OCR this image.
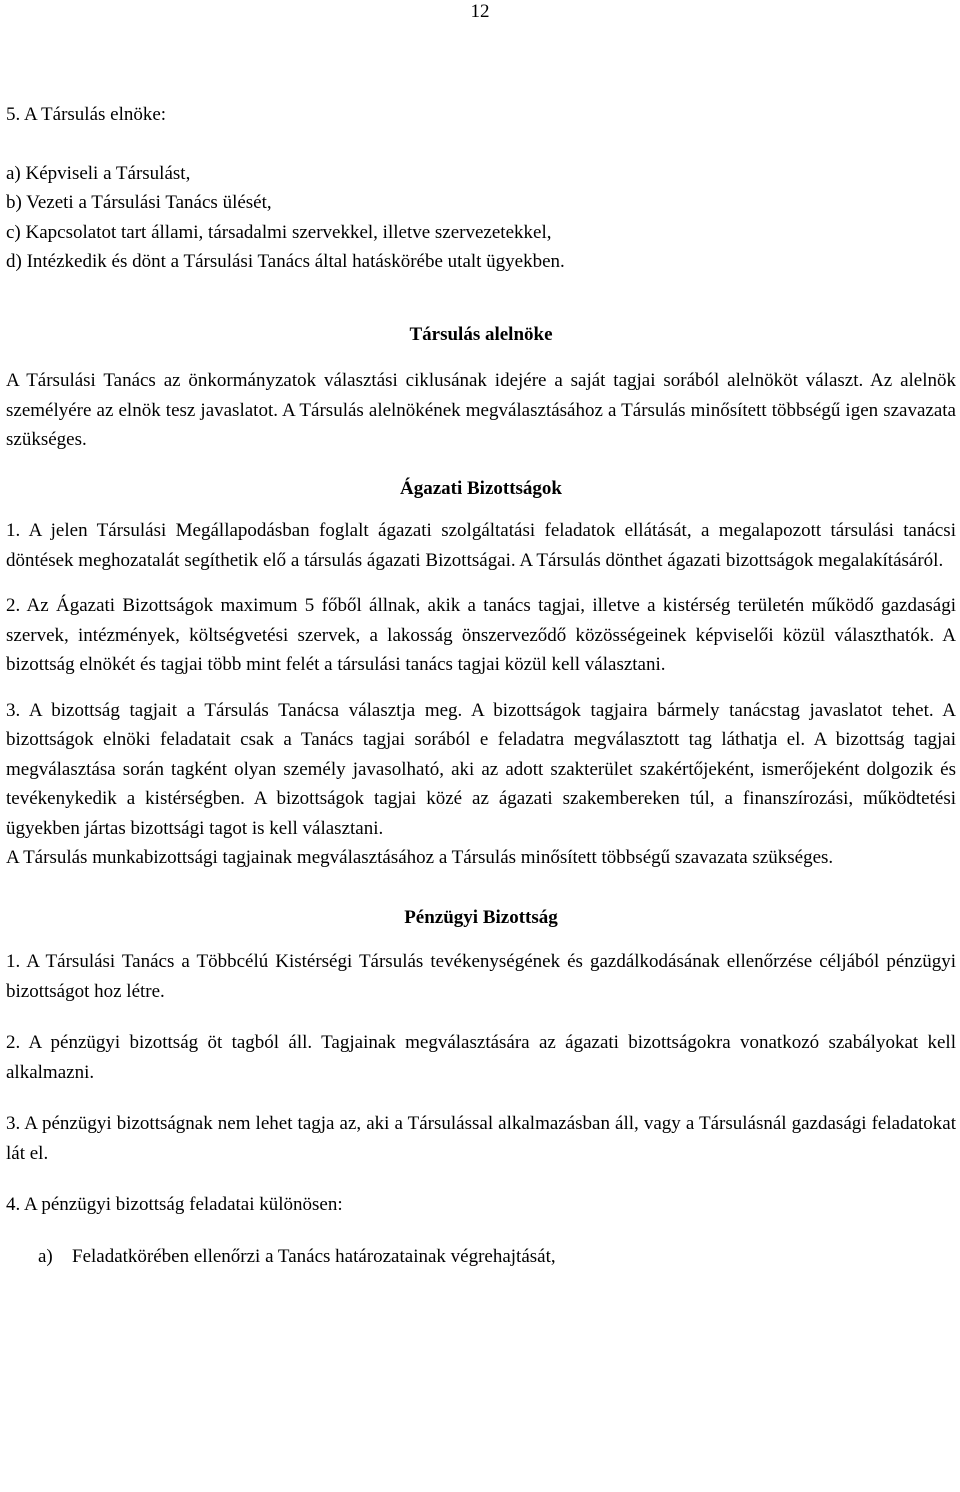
12

5. A Társulás elnöke:

a) Képviseli a Társulást,
b) Vezeti a Társulási Tanács ülését,
c) Kapcsolatot tart állami, társadalmi szervekkel, illetve szervezetekkel,
d) Intézkedik és dönt a Társulási Tanács által hatáskörébe utalt ügyekben.

Társulás alelnöke

A Társulási Tanács az önkormányzatok választási ciklusának idejére a saját tagjai sorából alelnököt választ. Az alelnök személyére az elnök tesz javaslatot. A Társulás alelnökének megválasztásához a Társulás minősített többségű igen szavazata szükséges.

Ágazati Bizottságok

1. A jelen Társulási Megállapodásban foglalt ágazati szolgáltatási feladatok ellátását, a megalapozott társulási tanácsi döntések meghozatalát segíthetik elő a társulás ágazati Bizottságai. A Társulás dönthet ágazati bizottságok megalakításáról.

2. Az Ágazati Bizottságok maximum 5 főből állnak, akik a tanács tagjai, illetve a kistérség területén működő gazdasági szervek, intézmények, költségvetési szervek, a lakosság önszerveződő közösségeinek képviselői közül választhatók. A bizottság elnökét és tagjai több mint felét a társulási tanács tagjai közül kell választani.

3. A bizottság tagjait a Társulás Tanácsa választja meg. A bizottságok tagjaira bármely tanácstag javaslatot tehet. A bizottságok elnöki feladatait csak a Tanács tagjai sorából e feladatra megválasztott tag láthatja el. A bizottság tagjai megválasztása során tagként olyan személy javasolható, aki az adott szakterület szakértőjeként, ismerőjeként dolgozik és tevékenykedik a kistérségben. A bizottságok tagjai közé az ágazati szakembereken túl, a finanszírozási, működtetési ügyekben jártas bizottsági tagot is kell választani.

A Társulás munkabizottsági tagjainak megválasztásához a Társulás minősített többségű szavazata szükséges.

Pénzügyi Bizottság

1. A Társulási Tanács a Többcélú Kistérségi Társulás tevékenységének és gazdálkodásának ellenőrzése céljából pénzügyi bizottságot hoz létre.

2. A pénzügyi bizottság öt tagból áll. Tagjainak megválasztására az ágazati bizottságokra vonatkozó szabályokat kell alkalmazni.

3. A pénzügyi bizottságnak nem lehet tagja az, aki a Társulással alkalmazásban áll, vagy a Társulásnál gazdasági feladatokat lát el.

4. A pénzügyi bizottság feladatai különösen:

a)	Feladatkörében ellenőrzi a Tanács határozatainak végrehajtását,
